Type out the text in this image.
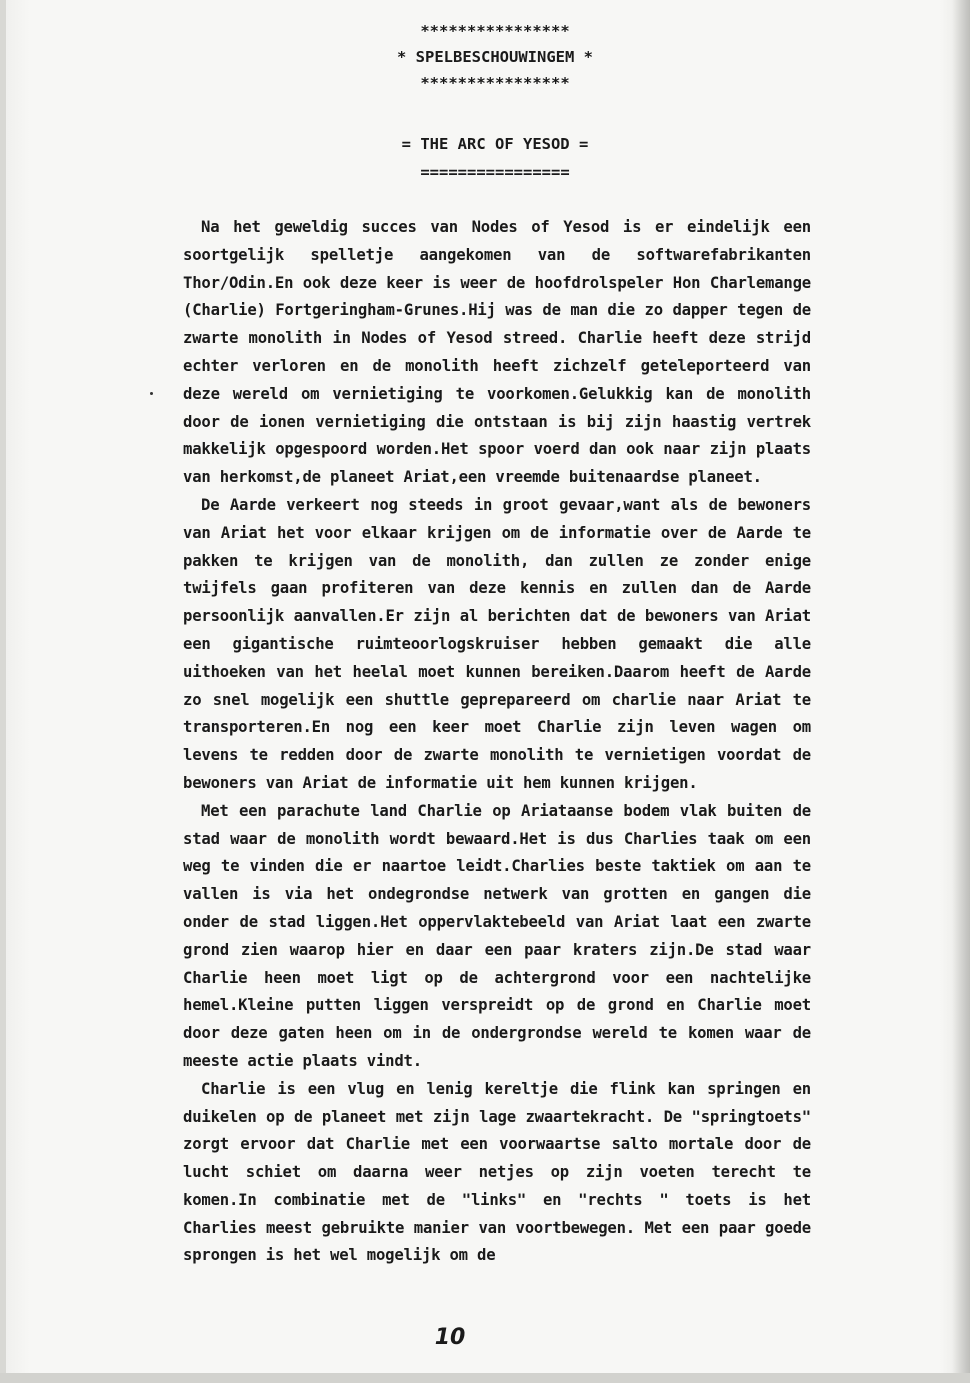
****************
* SPELBESCHOUWINGEM *
****************
= THE ARC OF YESOD =
================

Na het geweldig succes van Nodes of Yesod is er eindelijk een soortgelijk spelletje aangekomen van de softwarefabrikanten Thor/Odin.En ook deze keer is weer de hoofdrolspeler Hon Charlemange (Charlie) Fortgeringham-Grunes.Hij was de man die zo dapper tegen de zwarte monolith in Nodes of Yesod streed. Charlie heeft deze strijd echter verloren en de monolith heeft zichzelf geteleporteerd van deze wereld om vernietiging te voorkomen.Gelukkig kan de monolith door de ionen vernietiging die ontstaan is bij zijn haastig vertrek makkelijk opgespoord worden.Het spoor voerd dan ook naar zijn plaats van herkomst,de planeet Ariat,een vreemde buitenaardse planeet.

De Aarde verkeert nog steeds in groot gevaar,want als de bewoners van Ariat het voor elkaar krijgen om de informatie over de Aarde te pakken te krijgen van de monolith, dan zullen ze zonder enige twijfels gaan profiteren van deze kennis en zullen dan de Aarde persoonlijk aanvallen.Er zijn al berichten dat de bewoners van Ariat een gigantische ruimteoorlogskruiser hebben gemaakt die alle uithoeken van het heelal moet kunnen bereiken.Daarom heeft de Aarde zo snel mogelijk een shuttle geprepareerd om charlie naar Ariat te transporteren.En nog een keer moet Charlie zijn leven wagen om levens te redden door de zwarte monolith te vernietigen voordat de bewoners van Ariat de informatie uit hem kunnen krijgen.

Met een parachute land Charlie op Ariataanse bodem vlak buiten de stad waar de monolith wordt bewaard.Het is dus Charlies taak om een weg te vinden die er naartoe leidt.Charlies beste taktiek om aan te vallen is via het ondegrondse netwerk van grotten en gangen die onder de stad liggen.Het oppervlaktebeeld van Ariat laat een zwarte grond zien waarop hier en daar een paar kraters zijn.De stad waar Charlie heen moet ligt op de achtergrond voor een nachtelijke hemel.Kleine putten liggen verspreidt op de grond en Charlie moet door deze gaten heen om in de ondergrondse wereld te komen waar de meeste actie plaats vindt.

Charlie is een vlug en lenig kereltje die flink kan springen en duikelen op de planeet met zijn lage zwaartekracht. De "springtoets" zorgt ervoor dat Charlie met een voorwaartse salto mortale door de lucht schiet om daarna weer netjes op zijn voeten terecht te komen.In combinatie met de "links" en "rechts " toets is het Charlies meest gebruikte manier van voortbewegen. Met een paar goede sprongen is het wel mogelijk om de

10
